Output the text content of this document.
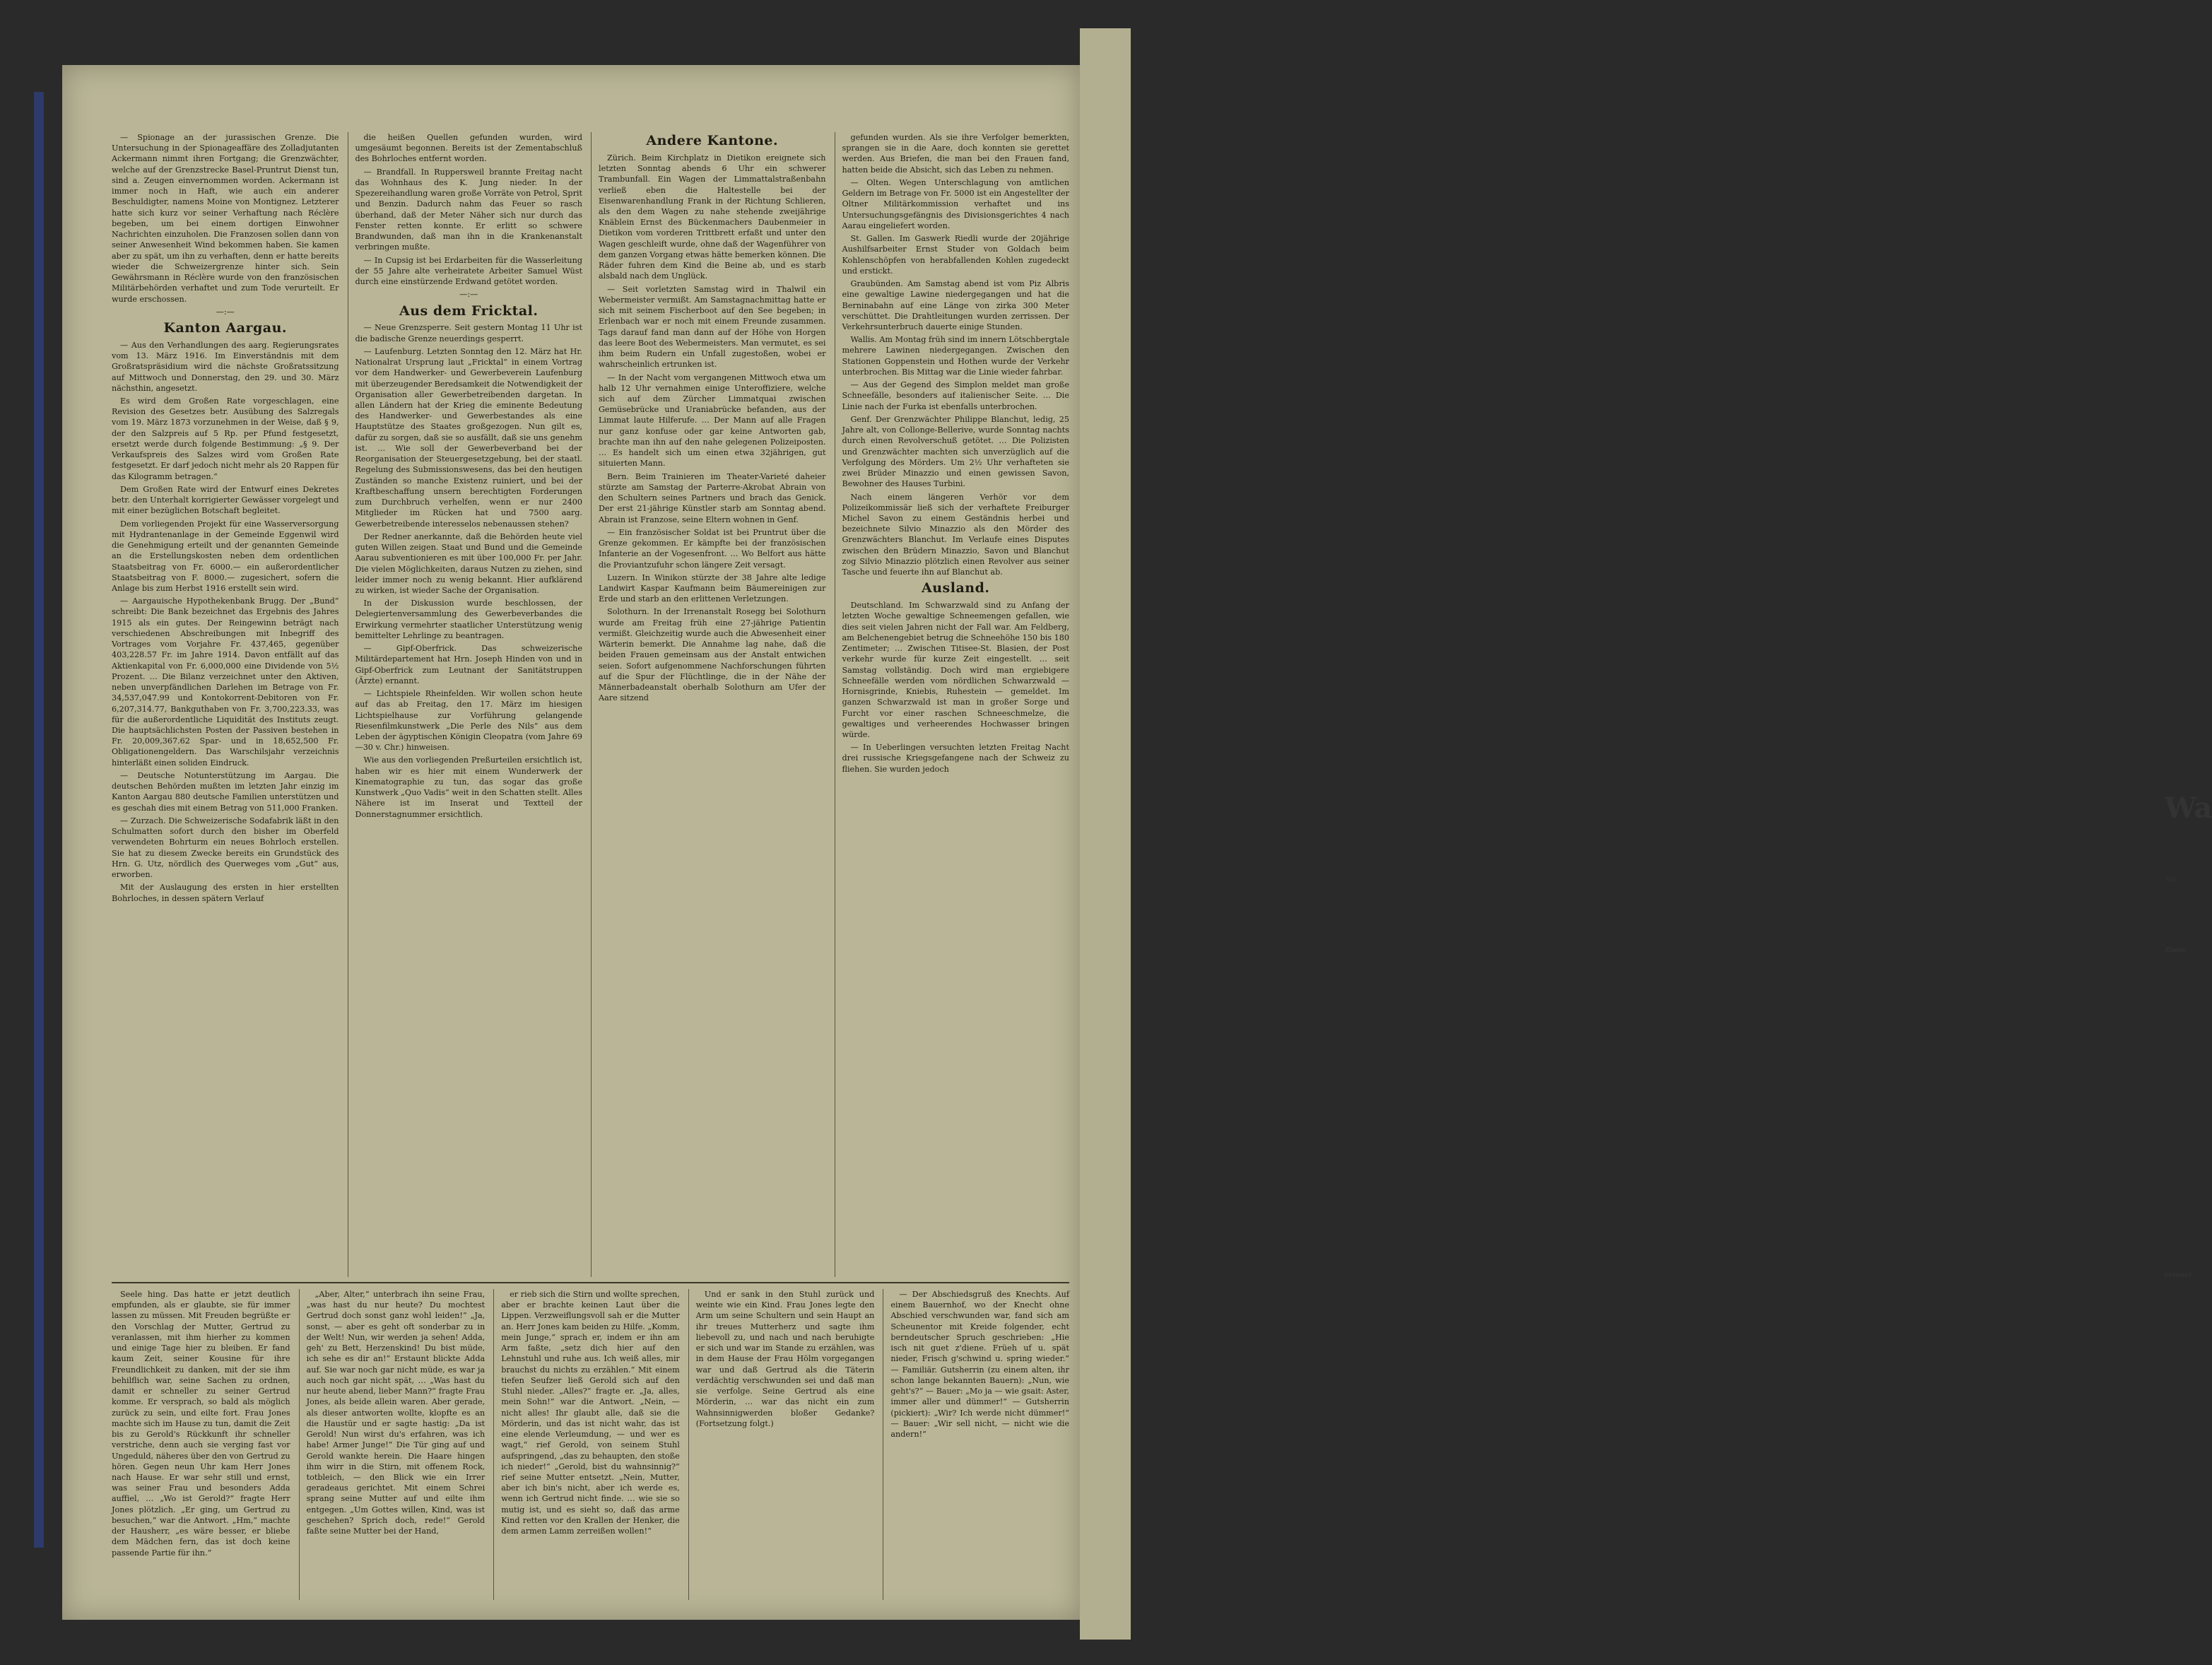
Wa
Ant
Zimm
vermiet

— Spionage an der jurassischen Grenze. Die Untersuchung in der Spionageaffäre des Zolladjutanten Ackermann nimmt ihren Fortgang; die Grenzwächter, welche auf der Grenzstrecke Basel-Pruntrut Dienst tun, sind a. Zeugen einvernommen worden. Ackermann ist immer noch in Haft, wie auch ein anderer Beschuldigter, namens Moine von Montignez. Letzterer hatte sich kurz vor seiner Verhaftung nach Réclère begeben, um bei einem dortigen Einwohner Nachrichten einzuholen. Die Franzosen sollen dann von seiner Anwesenheit Wind bekommen haben. Sie kamen aber zu spät, um ihn zu verhaften, denn er hatte bereits wieder die Schweizergrenze hinter sich. Sein Gewährsmann in Réclère wurde von den französischen Militärbehörden verhaftet und zum Tode verurteilt. Er wurde erschossen.

—:—

Kanton Aargau.

— Aus den Verhandlungen des aarg. Regierungsrates vom 13. März 1916. Im Einverständnis mit dem Großratspräsidium wird die nächste Großratssitzung auf Mittwoch und Donnerstag, den 29. und 30. März nächsthin, angesetzt.

Es wird dem Großen Rate vorgeschlagen, eine Revision des Gesetzes betr. Ausübung des Salzregals vom 19. März 1873 vorzunehmen in der Weise, daß § 9, der den Salzpreis auf 5 Rp. per Pfund festgesetzt, ersetzt werde durch folgende Bestimmung: „§ 9. Der Verkaufspreis des Salzes wird vom Großen Rate festgesetzt. Er darf jedoch nicht mehr als 20 Rappen für das Kilogramm betragen.“

Dem Großen Rate wird der Entwurf eines Dekretes betr. den Unterhalt korrigierter Gewässer vorgelegt und mit einer bezüglichen Botschaft begleitet.

Dem vorliegenden Projekt für eine Wasserversorgung mit Hydrantenanlage in der Gemeinde Eggenwil wird die Genehmigung erteilt und der genannten Gemeinde an die Erstellungskosten neben dem ordentlichen Staatsbeitrag von Fr. 6000.— ein außerordentlicher Staatsbeitrag von F. 8000.— zugesichert, sofern die Anlage bis zum Herbst 1916 erstellt sein wird.

— Aargauische Hypothekenbank Brugg. Der „Bund“ schreibt: Die Bank bezeichnet das Ergebnis des Jahres 1915 als ein gutes. Der Reingewinn beträgt nach verschiedenen Abschreibungen mit Inbegriff des Vortrages vom Vorjahre Fr. 437,465, gegenüber 403,228.57 Fr. im Jahre 1914. Davon entfällt auf das Aktienkapital von Fr. 6,000,000 eine Dividende von 5½ Prozent. … Die Bilanz verzeichnet unter den Aktiven, neben unverpfändlichen Darlehen im Betrage von Fr. 34,537,047.99 und Kontokorrent-Debitoren von Fr. 6,207,314.77, Bankguthaben von Fr. 3,700,223.33, was für die außerordentliche Liquidität des Instituts zeugt. Die hauptsächlichsten Posten der Passiven bestehen in Fr. 20,009,367.62 Spar- und in 18,652,500 Fr. Obligationengeldern. Das Warschilsjahr verzeichnis hinterläßt einen soliden Eindruck.

— Deutsche Notunterstützung im Aargau. Die deutschen Behörden mußten im letzten Jahr einzig im Kanton Aargau 880 deutsche Familien unterstützen und es geschah dies mit einem Betrag von 511,000 Franken.

— Zurzach. Die Schweizerische Sodafabrik läßt in den Schulmatten sofort durch den bisher im Oberfeld verwendeten Bohrturm ein neues Bohrloch erstellen. Sie hat zu diesem Zwecke bereits ein Grundstück des Hrn. G. Utz, nördlich des Querweges vom „Gut“ aus, erworben.

Mit der Auslaugung des ersten in hier erstellten Bohrloches, in dessen spätern Verlauf

die heißen Quellen gefunden wurden, wird umgesäumt begonnen. Bereits ist der Zementabschluß des Bohrloches entfernt worden.

— Brandfall. In Ruppersweil brannte Freitag nacht das Wohnhaus des K. Jung nieder. In der Spezereihandlung waren große Vorräte von Petrol, Sprit und Benzin. Dadurch nahm das Feuer so rasch überhand, daß der Meter Näher sich nur durch das Fenster retten konnte. Er erlitt so schwere Brandwunden, daß man ihn in die Krankenanstalt verbringen mußte.

— In Cupsig ist bei Erdarbeiten für die Wasserleitung der 55 Jahre alte verheiratete Arbeiter Samuel Wüst durch eine einstürzende Erdwand getötet worden.

—:—

Aus dem Fricktal.

— Neue Grenzsperre. Seit gestern Montag 11 Uhr ist die badische Grenze neuerdings gesperrt.

— Laufenburg. Letzten Sonntag den 12. März hat Hr. Nationalrat Ursprung laut „Fricktal“ in einem Vortrag vor dem Handwerker- und Gewerbeverein Laufenburg mit überzeugender Beredsamkeit die Notwendigkeit der Organisation aller Gewerbetreibenden dargetan. In allen Ländern hat der Krieg die eminente Bedeutung des Handwerker- und Gewerbestandes als eine Hauptstütze des Staates großgezogen. Nun gilt es, dafür zu sorgen, daß sie so ausfällt, daß sie uns genehm ist. … Wie soll der Gewerbeverband bei der Reorganisation der Steuergesetzgebung, bei der staatl. Regelung des Submissionswesens, das bei den heutigen Zuständen so manche Existenz ruiniert, und bei der Kraftbeschaffung unsern berechtigten Forderungen zum Durchbruch verhelfen, wenn er nur 2400 Mitglieder im Rücken hat und 7500 aarg. Gewerbetreibende interesselos nebenaussen stehen?

Der Redner anerkannte, daß die Behörden heute viel guten Willen zeigen. Staat und Bund und die Gemeinde Aarau subventionieren es mit über 100,000 Fr. per Jahr. Die vielen Möglichkeiten, daraus Nutzen zu ziehen, sind leider immer noch zu wenig bekannt. Hier aufklärend zu wirken, ist wieder Sache der Organisation.

In der Diskussion wurde beschlossen, der Delegiertenversammlung des Gewerbeverbandes die Erwirkung vermehrter staatlicher Unterstützung wenig bemittelter Lehrlinge zu beantragen.

— Gipf-Oberfrick. Das schweizerische Militärdepartement hat Hrn. Joseph Hinden von und in Gipf-Oberfrick zum Leutnant der Sanitätstruppen (Ärzte) ernannt.

— Lichtspiele Rheinfelden. Wir wollen schon heute auf das ab Freitag, den 17. März im hiesigen Lichtspielhause zur Vorführung gelangende Riesenfilmkunstwerk „Die Perle des Nils“ aus dem Leben der ägyptischen Königin Cleopatra (vom Jahre 69—30 v. Chr.) hinweisen.

Wie aus den vorliegenden Preßurteilen ersichtlich ist, haben wir es hier mit einem Wunderwerk der Kinematographie zu tun, das sogar das große Kunstwerk „Quo Vadis“ weit in den Schatten stellt. Alles Nähere ist im Inserat und Textteil der Donnerstagnummer ersichtlich.

Andere Kantone.

Zürich. Beim Kirchplatz in Dietikon ereignete sich letzten Sonntag abends 6 Uhr ein schwerer Trambunfall. Ein Wagen der Limmattalstraßenbahn verließ eben die Haltestelle bei der Eisenwarenhandlung Frank in der Richtung Schlieren, als den dem Wagen zu nahe stehende zweijährige Knäblein Ernst des Bückenmachers Daubenmeier in Dietikon vom vorderen Trittbrett erfaßt und unter den Wagen geschleift wurde, ohne daß der Wagenführer von dem ganzen Vorgang etwas hätte bemerken können. Die Räder fuhren dem Kind die Beine ab, und es starb alsbald nach dem Unglück.

— Seit vorletzten Samstag wird in Thalwil ein Webermeister vermißt. Am Samstagnachmittag hatte er sich mit seinem Fischerboot auf den See begeben; in Erlenbach war er noch mit einem Freunde zusammen. Tags darauf fand man dann auf der Höhe von Horgen das leere Boot des Webermeisters. Man vermutet, es sei ihm beim Rudern ein Unfall zugestoßen, wobei er wahrscheinlich ertrunken ist.

— In der Nacht vom vergangenen Mittwoch etwa um halb 12 Uhr vernahmen einige Unteroffiziere, welche sich auf dem Zürcher Limmatquai zwischen Gemüsebrücke und Uraniabrücke befanden, aus der Limmat laute Hilferufe. … Der Mann auf alle Fragen nur ganz konfuse oder gar keine Antworten gab, brachte man ihn auf den nahe gelegenen Polizeiposten. … Es handelt sich um einen etwa 32jährigen, gut situierten Mann.

Bern. Beim Trainieren im Theater-Varieté daheier stürzte am Samstag der Parterre-Akrobat Abrain von den Schultern seines Partners und brach das Genick. Der erst 21-jährige Künstler starb am Sonntag abend. Abrain ist Franzose, seine Eltern wohnen in Genf.

— Ein französischer Soldat ist bei Pruntrut über die Grenze gekommen. Er kämpfte bei der französischen Infanterie an der Vogesenfront. … Wo Belfort aus hätte die Proviantzufuhr schon längere Zeit versagt.

Luzern. In Winikon stürzte der 38 Jahre alte ledige Landwirt Kaspar Kaufmann beim Bäumereinigen zur Erde und starb an den erlittenen Verletzungen.

Solothurn. In der Irrenanstalt Rosegg bei Solothurn wurde am Freitag früh eine 27-jährige Patientin vermißt. Gleichzeitig wurde auch die Abwesenheit einer Wärterin bemerkt. Die Annahme lag nahe, daß die beiden Frauen gemeinsam aus der Anstalt entwichen seien. Sofort aufgenommene Nachforschungen führten auf die Spur der Flüchtlinge, die in der Nähe der Männerbadeanstalt oberhalb Solothurn am Ufer der Aare sitzend

gefunden wurden. Als sie ihre Verfolger bemerkten, sprangen sie in die Aare, doch konnten sie gerettet werden. Aus Briefen, die man bei den Frauen fand, hatten beide die Absicht, sich das Leben zu nehmen.

— Olten. Wegen Unterschlagung von amtlichen Geldern im Betrage von Fr. 5000 ist ein Angestellter der Oltner Militärkommission verhaftet und ins Untersuchungsgefängnis des Divisionsgerichtes 4 nach Aarau eingeliefert worden.

St. Gallen. Im Gaswerk Riedli wurde der 20jährige Aushilfsarbeiter Ernst Studer von Goldach beim Kohlenschöpfen von herabfallenden Kohlen zugedeckt und erstickt.

Graubünden. Am Samstag abend ist vom Piz Albris eine gewaltige Lawine niedergegangen und hat die Berninabahn auf eine Länge von zirka 300 Meter verschüttet. Die Drahtleitungen wurden zerrissen. Der Verkehrsunterbruch dauerte einige Stunden.

Wallis. Am Montag früh sind im innern Lötschbergtale mehrere Lawinen niedergegangen. Zwischen den Stationen Goppenstein und Hothen wurde der Verkehr unterbrochen. Bis Mittag war die Linie wieder fahrbar.

— Aus der Gegend des Simplon meldet man große Schneefälle, besonders auf italienischer Seite. … Die Linie nach der Furka ist ebenfalls unterbrochen.

Genf. Der Grenzwächter Philippe Blanchut, ledig, 25 Jahre alt, von Collonge-Bellerive, wurde Sonntag nachts durch einen Revolverschuß getötet. … Die Polizisten und Grenzwächter machten sich unverzüglich auf die Verfolgung des Mörders. Um 2½ Uhr verhafteten sie zwei Brüder Minazzio und einen gewissen Savon, Bewohner des Hauses Turbini.

Nach einem längeren Verhör vor dem Polizeikommissär ließ sich der verhaftete Freiburger Michel Savon zu einem Geständnis herbei und bezeichnete Silvio Minazzio als den Mörder des Grenzwächters Blanchut. Im Verlaufe eines Disputes zwischen den Brüdern Minazzio, Savon und Blanchut zog Silvio Minazzio plötzlich einen Revolver aus seiner Tasche und feuerte ihn auf Blanchut ab.

Ausland.

Deutschland. Im Schwarzwald sind zu Anfang der letzten Woche gewaltige Schneemengen gefallen, wie dies seit vielen Jahren nicht der Fall war. Am Feldberg, am Belchenengebiet betrug die Schneehöhe 150 bis 180 Zentimeter; … Zwischen Titisee-St. Blasien, der Post verkehr wurde für kurze Zeit eingestellt. … seit Samstag vollständig. Doch wird man ergiebigere Schneefälle werden vom nördlichen Schwarzwald — Hornisgrinde, Kniebis, Ruhestein — gemeldet. Im ganzen Schwarzwald ist man in großer Sorge und Furcht vor einer raschen Schneeschmelze, die gewaltiges und verheerendes Hochwasser bringen würde.

— In Ueberlingen versuchten letzten Freitag Nacht drei russische Kriegsgefangene nach der Schweiz zu fliehen. Sie wurden jedoch

Seele hing. Das hatte er jetzt deutlich empfunden, als er glaubte, sie für immer lassen zu müssen. Mit Freuden begrüßte er den Vorschlag der Mutter, Gertrud zu veranlassen, mit ihm hierher zu kommen und einige Tage hier zu bleiben. Er fand kaum Zeit, seiner Kousine für ihre Freundlichkeit zu danken, mit der sie ihm behilflich war, seine Sachen zu ordnen, damit er schneller zu seiner Gertrud komme. Er versprach, so bald als möglich zurück zu sein, und eilte fort. Frau Jones machte sich im Hause zu tun, damit die Zeit bis zu Gerold's Rückkunft ihr schneller verstriche, denn auch sie verging fast vor Ungeduld, näheres über den von Gertrud zu hören. Gegen neun Uhr kam Herr Jones nach Hause. Er war sehr still und ernst, was seiner Frau und besonders Adda auffiel, … „Wo ist Gerold?“ fragte Herr Jones plötzlich. „Er ging, um Gertrud zu besuchen,“ war die Antwort. „Hm,“ machte der Hausherr, „es wäre besser, er bliebe dem Mädchen fern, das ist doch keine passende Partie für ihn.“

„Aber, Alter,“ unterbrach ihn seine Frau, „was hast du nur heute? Du mochtest Gertrud doch sonst ganz wohl leiden!“ „Ja, sonst, — aber es geht oft sonderbar zu in der Welt! Nun, wir werden ja sehen! Adda, geh' zu Bett, Herzenskind! Du bist müde, ich sehe es dir an!“ Erstaunt blickte Adda auf. Sie war noch gar nicht müde, es war ja auch noch gar nicht spät, … „Was hast du nur heute abend, lieber Mann?“ fragte Frau Jones, als beide allein waren. Aber gerade, als dieser antworten wollte, klopfte es an die Haustür und er sagte hastig: „Da ist Gerold! Nun wirst du's erfahren, was ich habe! Armer Junge!“ Die Tür ging auf und Gerold wankte herein. Die Haare hingen ihm wirr in die Stirn, mit offenem Rock, totbleich, — den Blick wie ein Irrer geradeaus gerichtet. Mit einem Schrei sprang seine Mutter auf und eilte ihm entgegen. „Um Gottes willen, Kind, was ist geschehen? Sprich doch, rede!“ Gerold faßte seine Mutter bei der Hand,

er rieb sich die Stirn und wollte sprechen, aber er brachte keinen Laut über die Lippen. Verzweiflungsvoll sah er die Mutter an. Herr Jones kam beiden zu Hilfe. „Komm, mein Junge,“ sprach er, indem er ihn am Arm faßte, „setz dich hier auf den Lehnstuhl und ruhe aus. Ich weiß alles, mir brauchst du nichts zu erzählen.“ Mit einem tiefen Seufzer ließ Gerold sich auf den Stuhl nieder. „Alles?“ fragte er. „Ja, alles, mein Sohn!“ war die Antwort. „Nein, — nicht alles! Ihr glaubt alle, daß sie die Mörderin, und das ist nicht wahr, das ist eine elende Verleumdung, — und wer es wagt,“ rief Gerold, von seinem Stuhl aufspringend, „das zu behaupten, den stoße ich nieder!“ „Gerold, bist du wahnsinnig?“ rief seine Mutter entsetzt. „Nein, Mutter, aber ich bin's nicht, aber ich werde es, wenn ich Gertrud nicht finde. … wie sie so mutig ist, und es sieht so, daß das arme Kind retten vor den Krallen der Henker, die dem armen Lamm zerreißen wollen!“

Und er sank in den Stuhl zurück und weinte wie ein Kind. Frau Jones legte den Arm um seine Schultern und sein Haupt an ihr treues Mutterherz und sagte ihm liebevoll zu, und nach und nach beruhigte er sich und war im Stande zu erzählen, was in dem Hause der Frau Hölm vorgegangen war und daß Gertrud als die Täterin verdächtig verschwunden sei und daß man sie verfolge. Seine Gertrud als eine Mörderin, … war das nicht ein zum Wahnsinnigwerden bloßer Gedanke? (Fortsetzung folgt.)

— Der Abschiedsgruß des Knechts. Auf einem Bauernhof, wo der Knecht ohne Abschied verschwunden war, fand sich am Scheunentor mit Kreide folgender, echt berndeutscher Spruch geschrieben: „Hie isch nit guet z'diene. Früeh uf u. spät nieder, Frisch g'schwind u. spring wieder.“ — Familiär. Gutsherrin (zu einem alten, ihr schon lange bekannten Bauern): „Nun, wie geht's?“ — Bauer: „Mo ja — wie gsait: Aster, immer aller und dümmer!“ — Gutsherrin (pickiert): „Wir? Ich werde nicht dümmer!“ — Bauer: „Wir sell nicht, — nicht wie die andern!“
